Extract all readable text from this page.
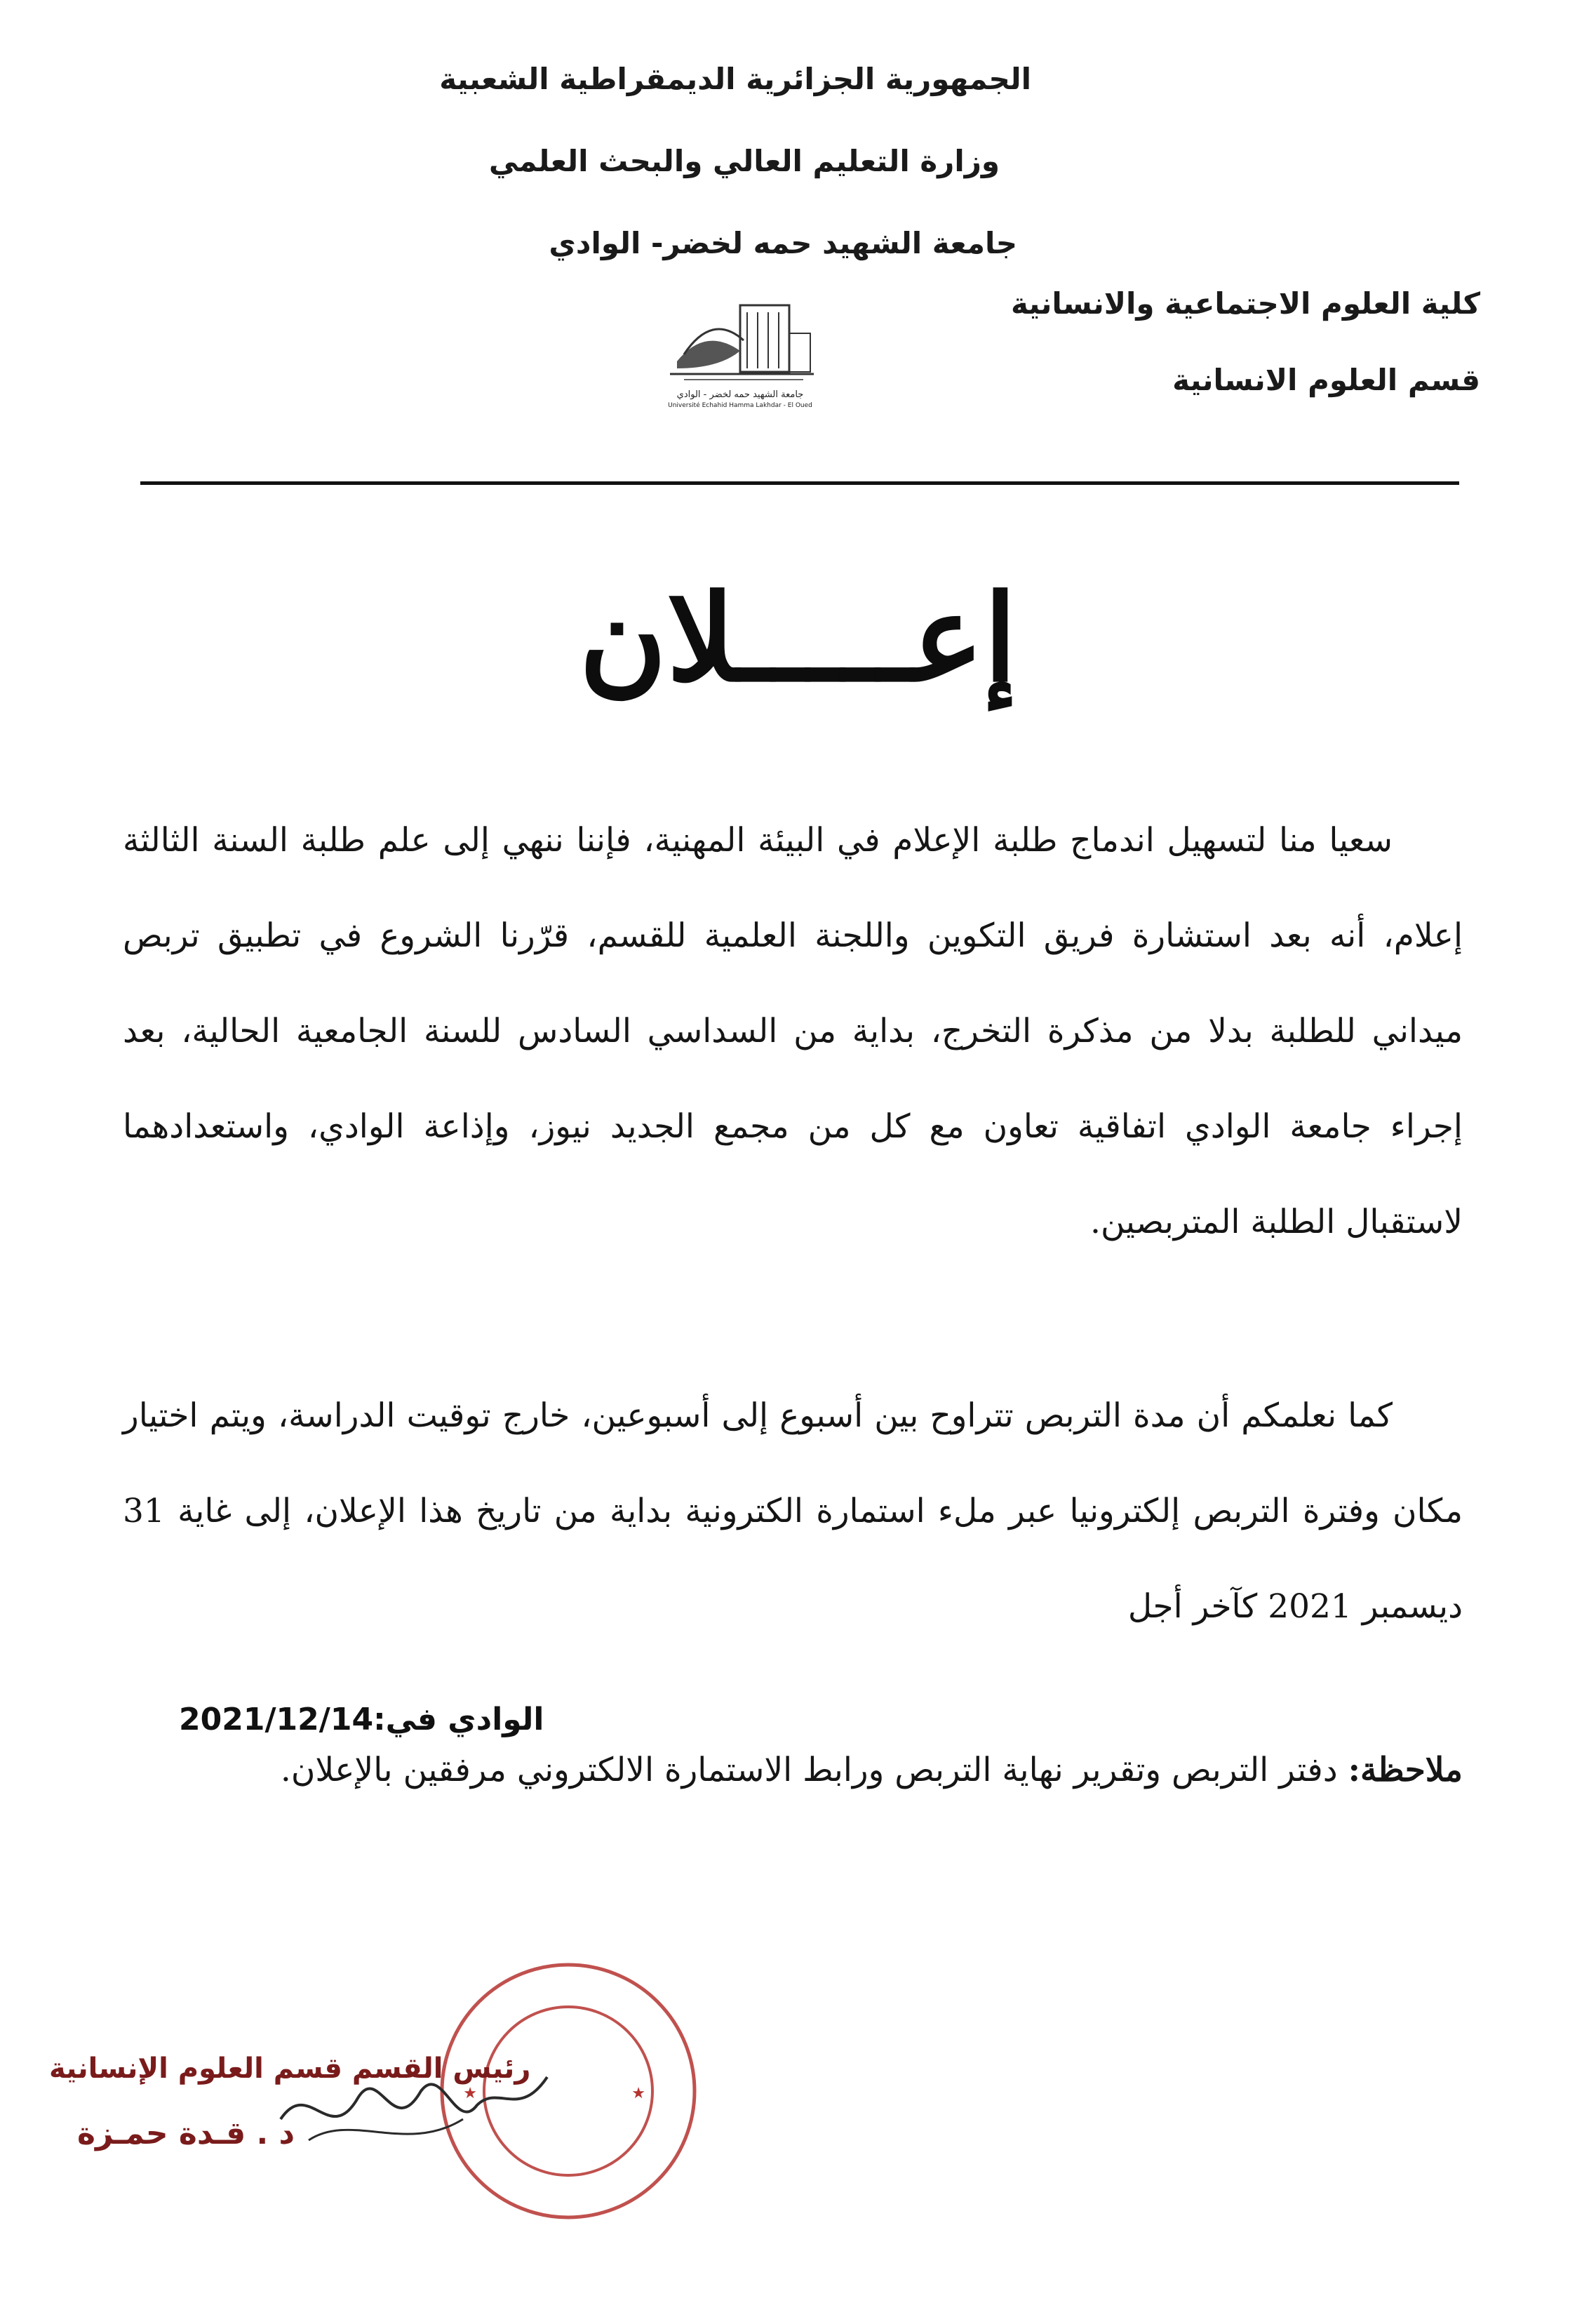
الجمهورية الجزائرية الديمقراطية الشعبية
وزارة التعليم العالي والبحث العلمي
جامعة الشهيد حمه لخضر- الوادي
كلية العلوم الاجتماعية والانسانية
قسم العلوم الانسانية
جامعة الشهيد حمه لخضر - الوادي
Université Echahid Hamma Lakhdar - El Oued
إعـــــلان

سعيا منا لتسهيل اندماج طلبة الإعلام في البيئة المهنية، فإننا ننهي إلى علم طلبة السنة الثالثة إعلام، أنه بعد استشارة فريق التكوين واللجنة العلمية للقسم، قرّرنا الشروع في تطبيق تربص ميداني للطلبة بدلا من مذكرة التخرج، بداية من السداسي السادس للسنة الجامعية الحالية، بعد إجراء جامعة الوادي اتفاقية تعاون مع كل من مجمع الجديد نيوز، وإذاعة الوادي، واستعدادهما لاستقبال الطلبة المتربصين.

كما نعلمكم أن مدة التربص تتراوح بين أسبوع إلى أسبوعين، خارج توقيت الدراسة، ويتم اختيار مكان وفترة التربص إلكترونيا عبر ملء استمارة الكترونية بداية من تاريخ هذا الإعلان، إلى غاية 31 ديسمبر 2021 كآخر أجل

ملاحظة: دفتر التربص وتقرير نهاية التربص ورابط الاستمارة الالكتروني مرفقين بالإعلان.

★	★
الوادي في:2021/12/14
رئيس القسم قسم العلوم الإنسانية
د . قـدة حمـزة
